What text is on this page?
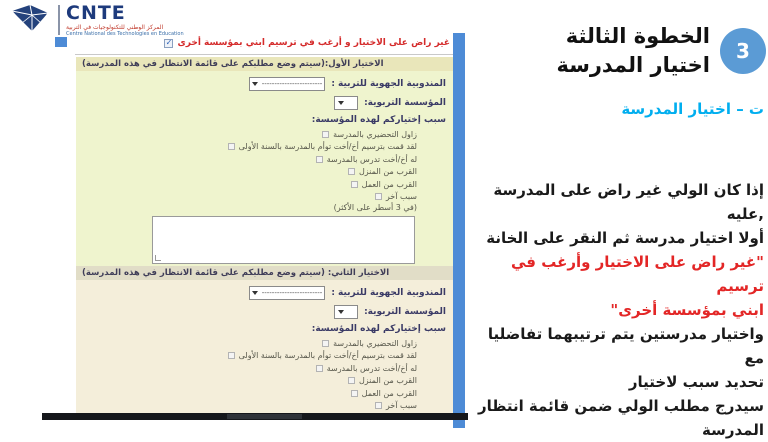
CNTE
المركز الوطني للتكنولوجيات في التربية
Centre National des Technologies en Education
✓
غير راض على الاختيار و أرغب في ترسيم ابني بمؤسسة أخرى
الاختيار الأول:(سيتم وضع مطلبكم على قائمة الانتظار في هذه المدرسة)
المندوبية الجهوية للتربية :
------------------------
المؤسسة التربوية:
سبب إختياركم لهذه المؤسسة:
زاول التحضيري بالمدرسة
لقد قمت بترسيم أخ/أخت توأم بالمدرسة بالسنة الأولى
له أخ/أخت تدرس بالمدرسة
القرب من المنزل
القرب من العمل
سبب آخر
(في 3 أسطر على الأكثر)
الاختيار الثاني: (سيتم وضع مطلبكم على قائمة الانتظار في هذه المدرسة)
المندوبية الجهوية للتربية :
------------------------
المؤسسة التربوية:
سبب إختياركم لهذه المؤسسة:
زاول التحضيري بالمدرسة
لقد قمت بترسيم أخ/أخت توأم بالمدرسة بالسنة الأولى
له أخ/أخت تدرس بالمدرسة
القرب من المنزل
القرب من العمل
سبب آخر
الخطوة الثالثة
اختيار المدرسة
3
ت – اختيار المدرسة
إذا كان الولي غير راض على المدرسة ,عليه
أولا اختيار مدرسة ثم النقر على الخانة
"غير راض على الاختيار وأرغب في ترسيم
ابني بمؤسسة أخرى"
واختيار مدرستين يتم ترتيبهما تفاضليا مع
تحديد سبب لاختيار
سيدرج مطلب الولي ضمن قائمة انتظار
المدرسة
